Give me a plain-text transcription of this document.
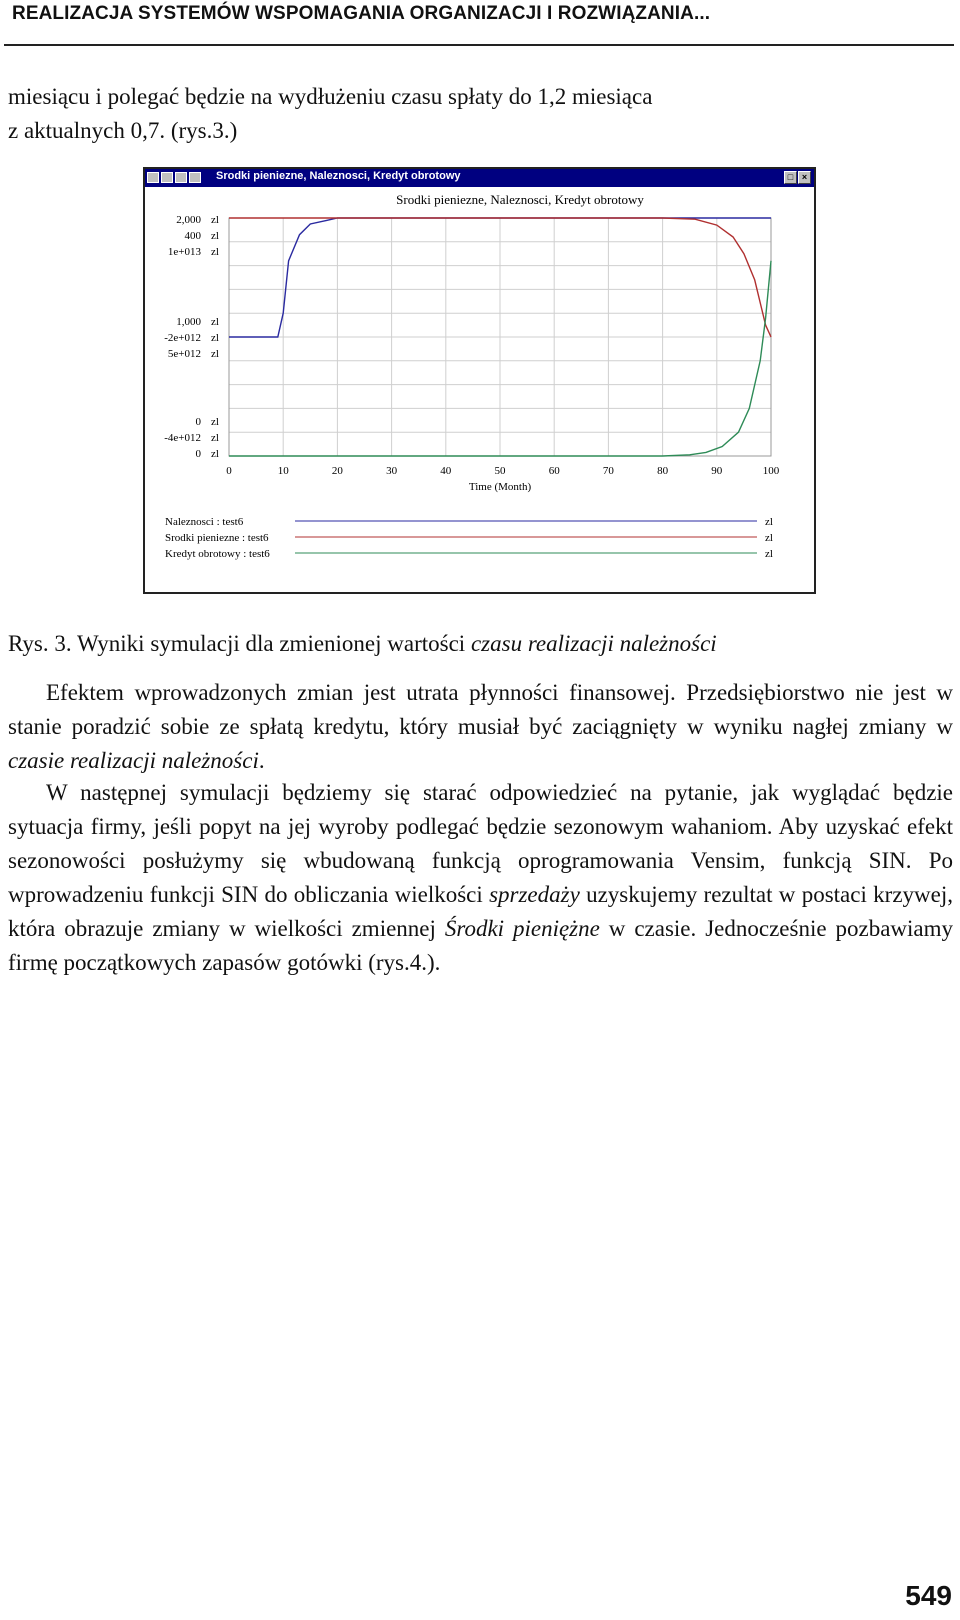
REALIZACJA SYSTEMÓW WSPOMAGANIA ORGANIZACJI I ROZWIĄZANIA...
miesiącu i polegać będzie na wydłużeniu czasu spłaty do 1,2 miesiąca
z aktualnych 0,7. (rys.3.)
Srodki pieniezne, Naleznosci, Kredyt obrotowy	□ ×
Srodki pieniezne, Naleznosci, Kredyt obrotowy
2,000 zl
400 zl
1e+013 zl
1,000 zl
-2e+012 zl
5e+012 zl
0 zl
-4e+012 zl
0 zl
0	10	20	30	40	50	60	70	80	90	100
Time (Month)
Naleznosci : test6	zl
Srodki pieniezne : test6	zl
Kredyt obrotowy : test6	zl
Rys. 3. Wyniki symulacji dla zmienionej wartości czasu realizacji należności
Efektem wprowadzonych zmian jest utrata płynności finansowej. Przedsiębiorstwo nie jest w stanie poradzić sobie ze spłatą kredytu, który musiał być zaciągnięty w wyniku nagłej zmiany w czasie realizacji należności.
W następnej symulacji będziemy się starać odpowiedzieć na pytanie, jak wyglądać będzie sytuacja firmy, jeśli popyt na jej wyroby podlegać będzie sezonowym wahaniom. Aby uzyskać efekt sezonowości posłużymy się wbudowaną funkcją oprogramowania Vensim, funkcją SIN. Po wprowadzeniu funkcji SIN do obliczania wielkości sprzedaży uzyskujemy rezultat w postaci krzywej, która obrazuje zmiany w wielkości zmiennej Środki pieniężne w czasie. Jednocześnie pozbawiamy firmę początkowych zapasów gotówki (rys.4.).
549
